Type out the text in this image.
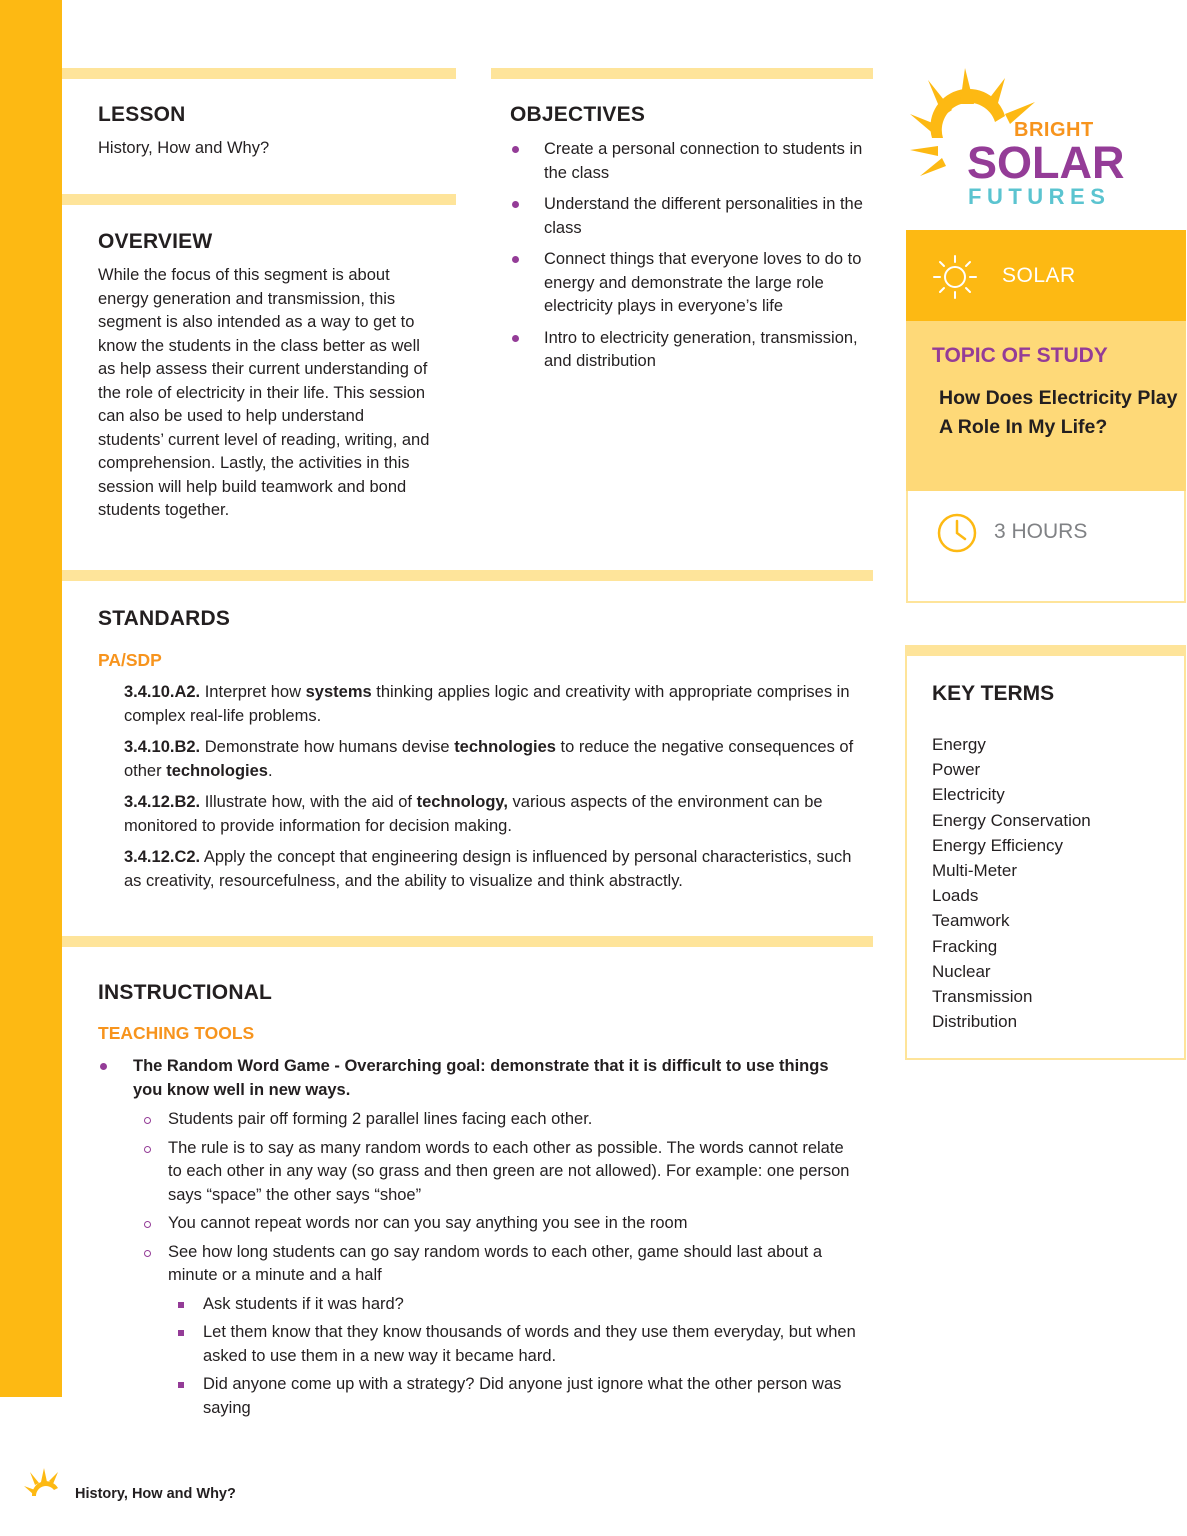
LESSON
History, How and Why?
OVERVIEW
While the focus of this segment is about energy generation and transmission, this segment is also intended as a way to get to know the students in the class better as well as help assess their current understanding of the role of electricity in their life. This session can also be used to help understand students’ current level of reading, writing, and comprehension. Lastly, the activities in this session will help build teamwork and bond students together.
OBJECTIVES
Create a personal connection to students in the class
Understand the different personalities in the class
Connect things that everyone loves to do to energy and demonstrate the large role electricity plays in everyone’s life
Intro to electricity generation, transmission, and distribution
STANDARDS
PA/SDP
3.4.10.A2. Interpret how systems thinking applies logic and creativity with appropriate comprises in complex real-life problems.
3.4.10.B2. Demonstrate how humans devise technologies to reduce the negative consequences of other technologies.
3.4.12.B2. Illustrate how, with the aid of technology, various aspects of the environment can be monitored to provide information for decision making.
3.4.12.C2. Apply the concept that engineering design is influenced by personal characteristics, such as creativity, resourcefulness, and the ability to visualize and think abstractly.
INSTRUCTIONAL
TEACHING TOOLS
The Random Word Game - Overarching goal: demonstrate that it is difficult to use things you know well in new ways.
Students pair off forming 2 parallel lines facing each other.
The rule is to say as many random words to each other as possible. The words cannot relate to each other in any way (so grass and then green are not allowed). For example: one person says “space” the other says “shoe”
You cannot repeat words nor can you say anything you see in the room
See how long students can go say random words to each other, game should last about a minute or a minute and a half
Ask students if it was hard?
Let them know that they know thousands of words and they use them everyday, but when asked to use them in a new way it became hard.
Did anyone come up with a strategy? Did anyone just ignore what the other person was saying
BRIGHT
SOLAR
FUTURES
SOLAR
TOPIC OF STUDY
How Does Electricity Play A Role In My Life?
3 HOURS
KEY TERMS
Energy
Power
Electricity
Energy Conservation
Energy Efficiency
Multi-Meter
Loads
Teamwork
Fracking
Nuclear
Transmission
Distribution
History, How and Why?
